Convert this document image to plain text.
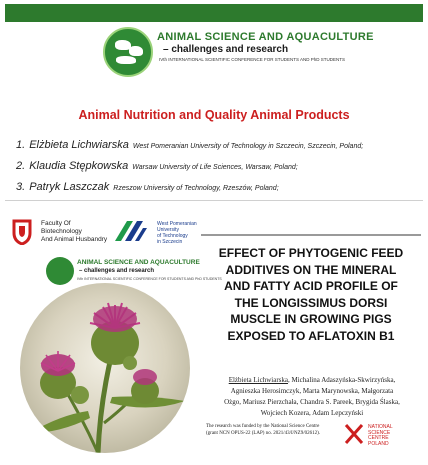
ANIMAL SCIENCE AND AQUACULTURE
– challenges and research
IVth INTERNATIONAL SCIENTIFIC CONFERENCE FOR STUDENTS AND PhD STUDENTS
Animal Nutrition and Quality Animal Products
1. Elżbieta Lichwiarska West Pomeranian University of Technology in Szczecin, Szczecin, Poland;
2. Klaudia Stępkowska Warsaw University of Life Sciences, Warsaw, Poland;
3. Patryk Laszczak Rzeszow University of Technology, Rzeszów, Poland;
Faculty Of
Biotechnology
And Animal Husbandry
West Pomeranian
University
of Technology
in Szczecin
ANIMAL SCIENCE AND AQUACULTURE
– challenges and research
IVth INTERNATIONAL SCIENTIFIC CONFERENCE FOR STUDENTS AND PhD STUDENTS
EFFECT OF PHYTOGENIC FEED
ADDITIVES ON THE MINERAL
AND FATTY ACID PROFILE OF
THE LONGISSIMUS DORSI
MUSCLE IN GROWING PIGS
EXPOSED TO AFLATOXIN B1
Elżbieta Lichwiarska, Michalina Adaszyńska-Skwirzyńska,
Agnieszka Herosimczyk, Marta Marynowska, Małgorzata
Ożgo, Mariusz Pierzchała, Chandra S. Pareek, Brygida Ślaska,
Wojciech Kozera, Adam Lepczyński
The research was funded by the National Science Centre
(grant NCN OPUS-22 (LAP) no. 2021/43/I/NZ9/02612).
NATIONAL
SCIENCE
CENTRE
POLAND
